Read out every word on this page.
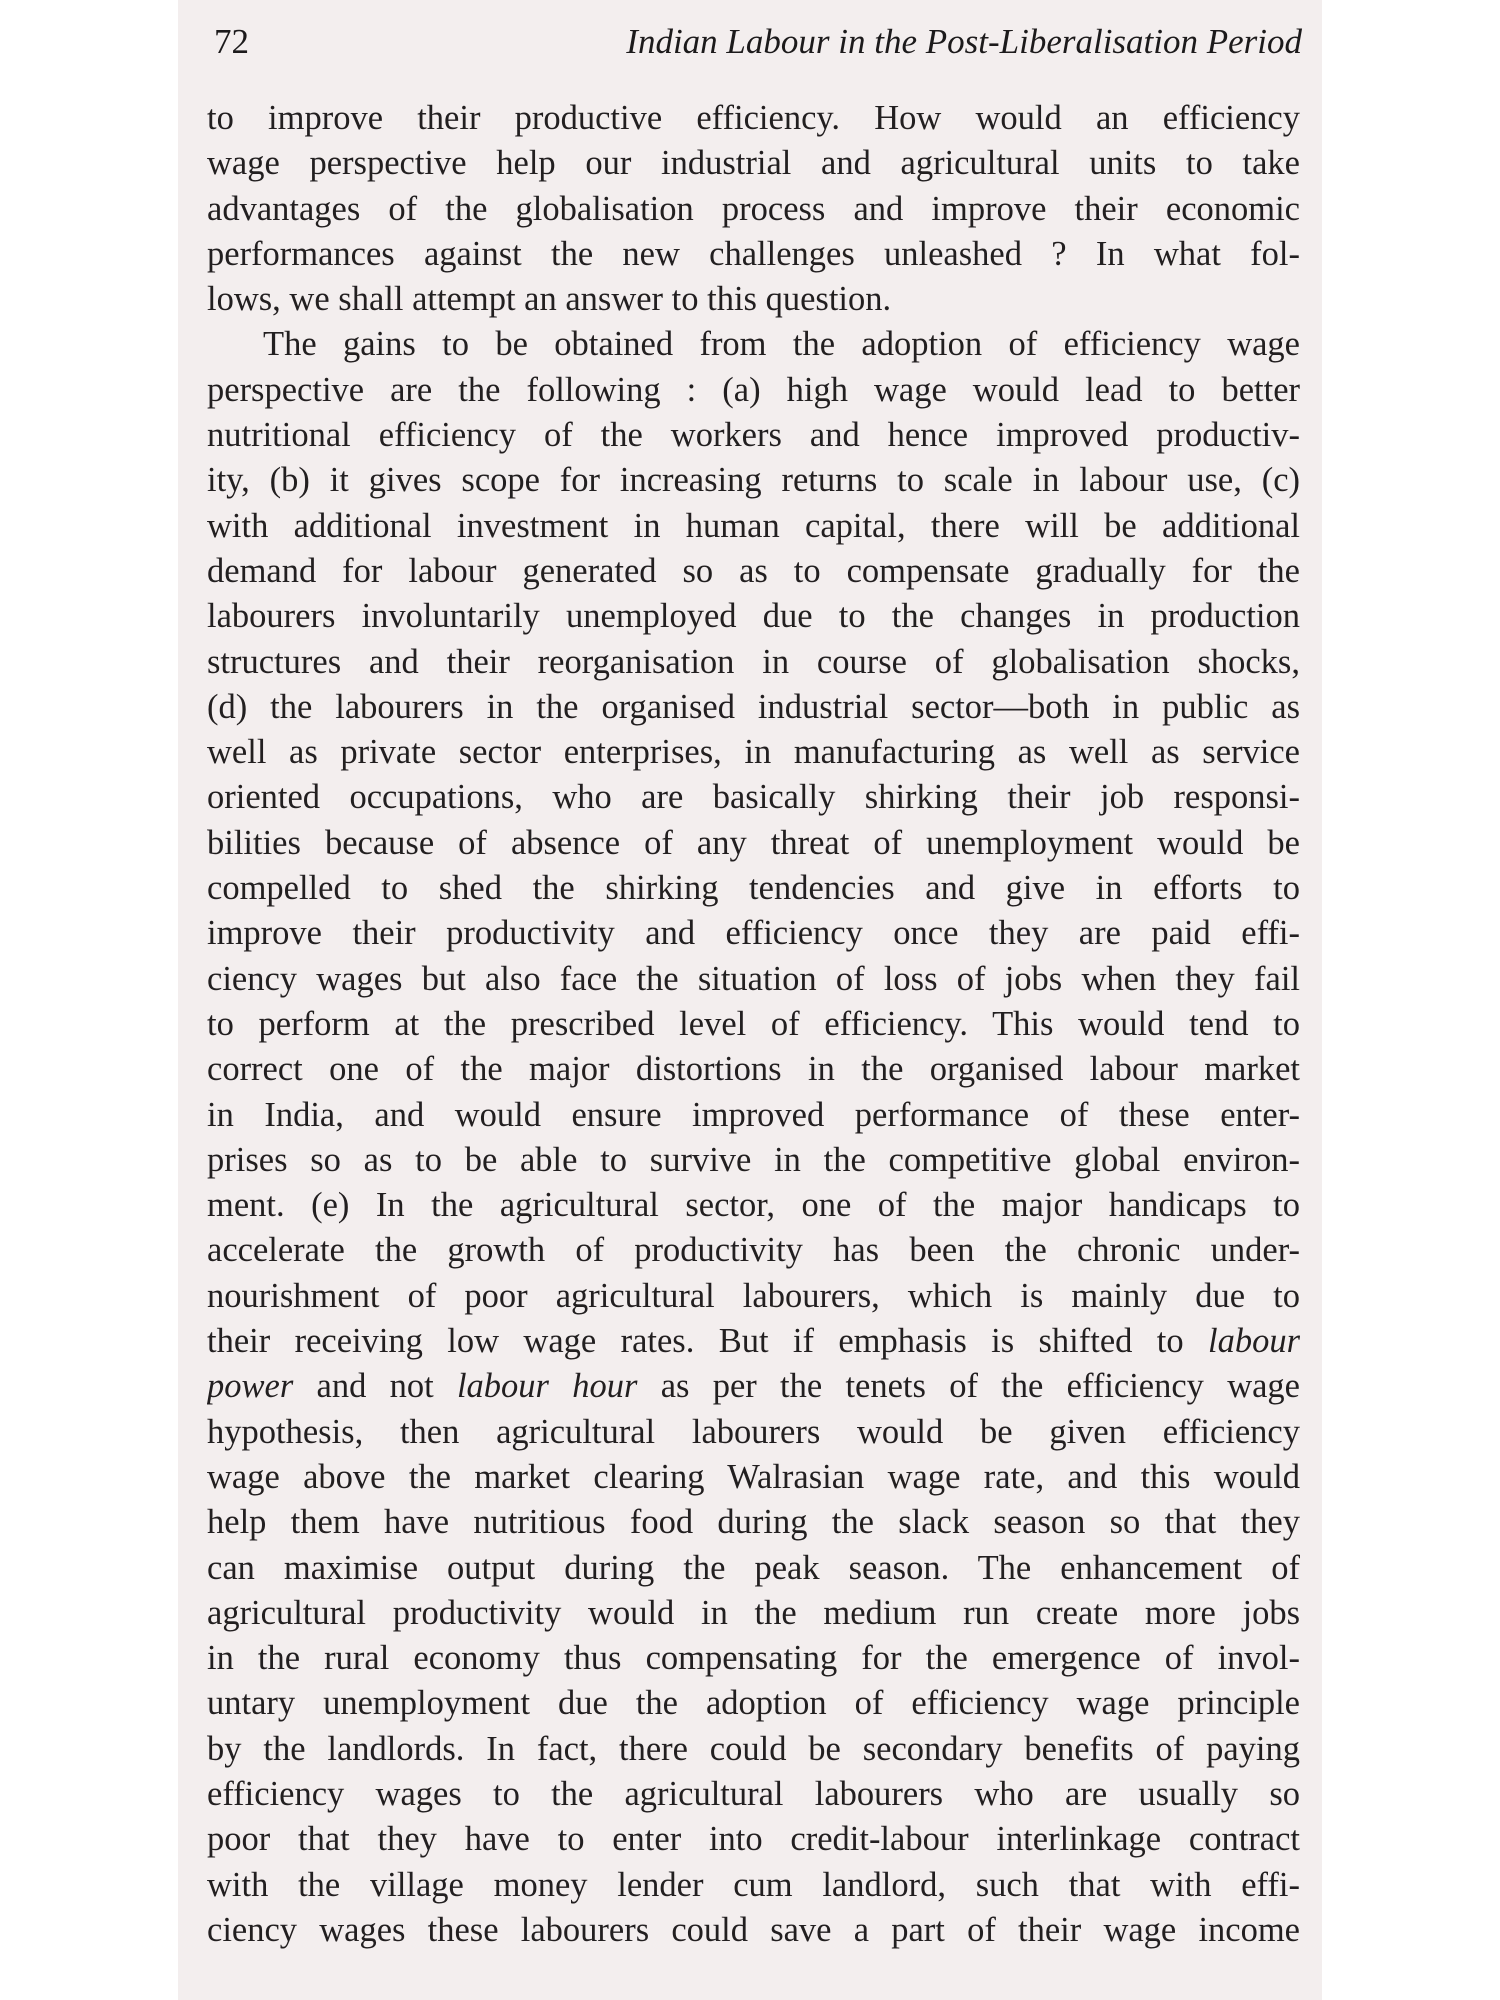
72	Indian Labour in the Post-Liberalisation Period
to improve their productive efficiency. How would an efficiency
wage perspective help our industrial and agricultural units to take
advantages of the globalisation process and improve their economic
performances against the new challenges unleashed ? In what fol-
lows, we shall attempt an answer to this question.
The gains to be obtained from the adoption of efficiency wage
perspective are the following : (a) high wage would lead to better
nutritional efficiency of the workers and hence improved productiv-
ity, (b) it gives scope for increasing returns to scale in labour use, (c)
with additional investment in human capital, there will be additional
demand for labour generated so as to compensate gradually for the
labourers involuntarily unemployed due to the changes in production
structures and their reorganisation in course of globalisation shocks,
(d) the labourers in the organised industrial sector—both in public as
well as private sector enterprises, in manufacturing as well as service
oriented occupations, who are basically shirking their job responsi-
bilities because of absence of any threat of unemployment would be
compelled to shed the shirking tendencies and give in efforts to
improve their productivity and efficiency once they are paid effi-
ciency wages but also face the situation of loss of jobs when they fail
to perform at the prescribed level of efficiency. This would tend to
correct one of the major distortions in the organised labour market
in India, and would ensure improved performance of these enter-
prises so as to be able to survive in the competitive global environ-
ment. (e) In the agricultural sector, one of the major handicaps to
accelerate the growth of productivity has been the chronic under-
nourishment of poor agricultural labourers, which is mainly due to
their receiving low wage rates. But if emphasis is shifted to labour
power and not labour hour as per the tenets of the efficiency wage
hypothesis, then agricultural labourers would be given efficiency
wage above the market clearing Walrasian wage rate, and this would
help them have nutritious food during the slack season so that they
can maximise output during the peak season. The enhancement of
agricultural productivity would in the medium run create more jobs
in the rural economy thus compensating for the emergence of invol-
untary unemployment due the adoption of efficiency wage principle
by the landlords. In fact, there could be secondary benefits of paying
efficiency wages to the agricultural labourers who are usually so
poor that they have to enter into credit-labour interlinkage contract
with the village money lender cum landlord, such that with effi-
ciency wages these labourers could save a part of their wage income
